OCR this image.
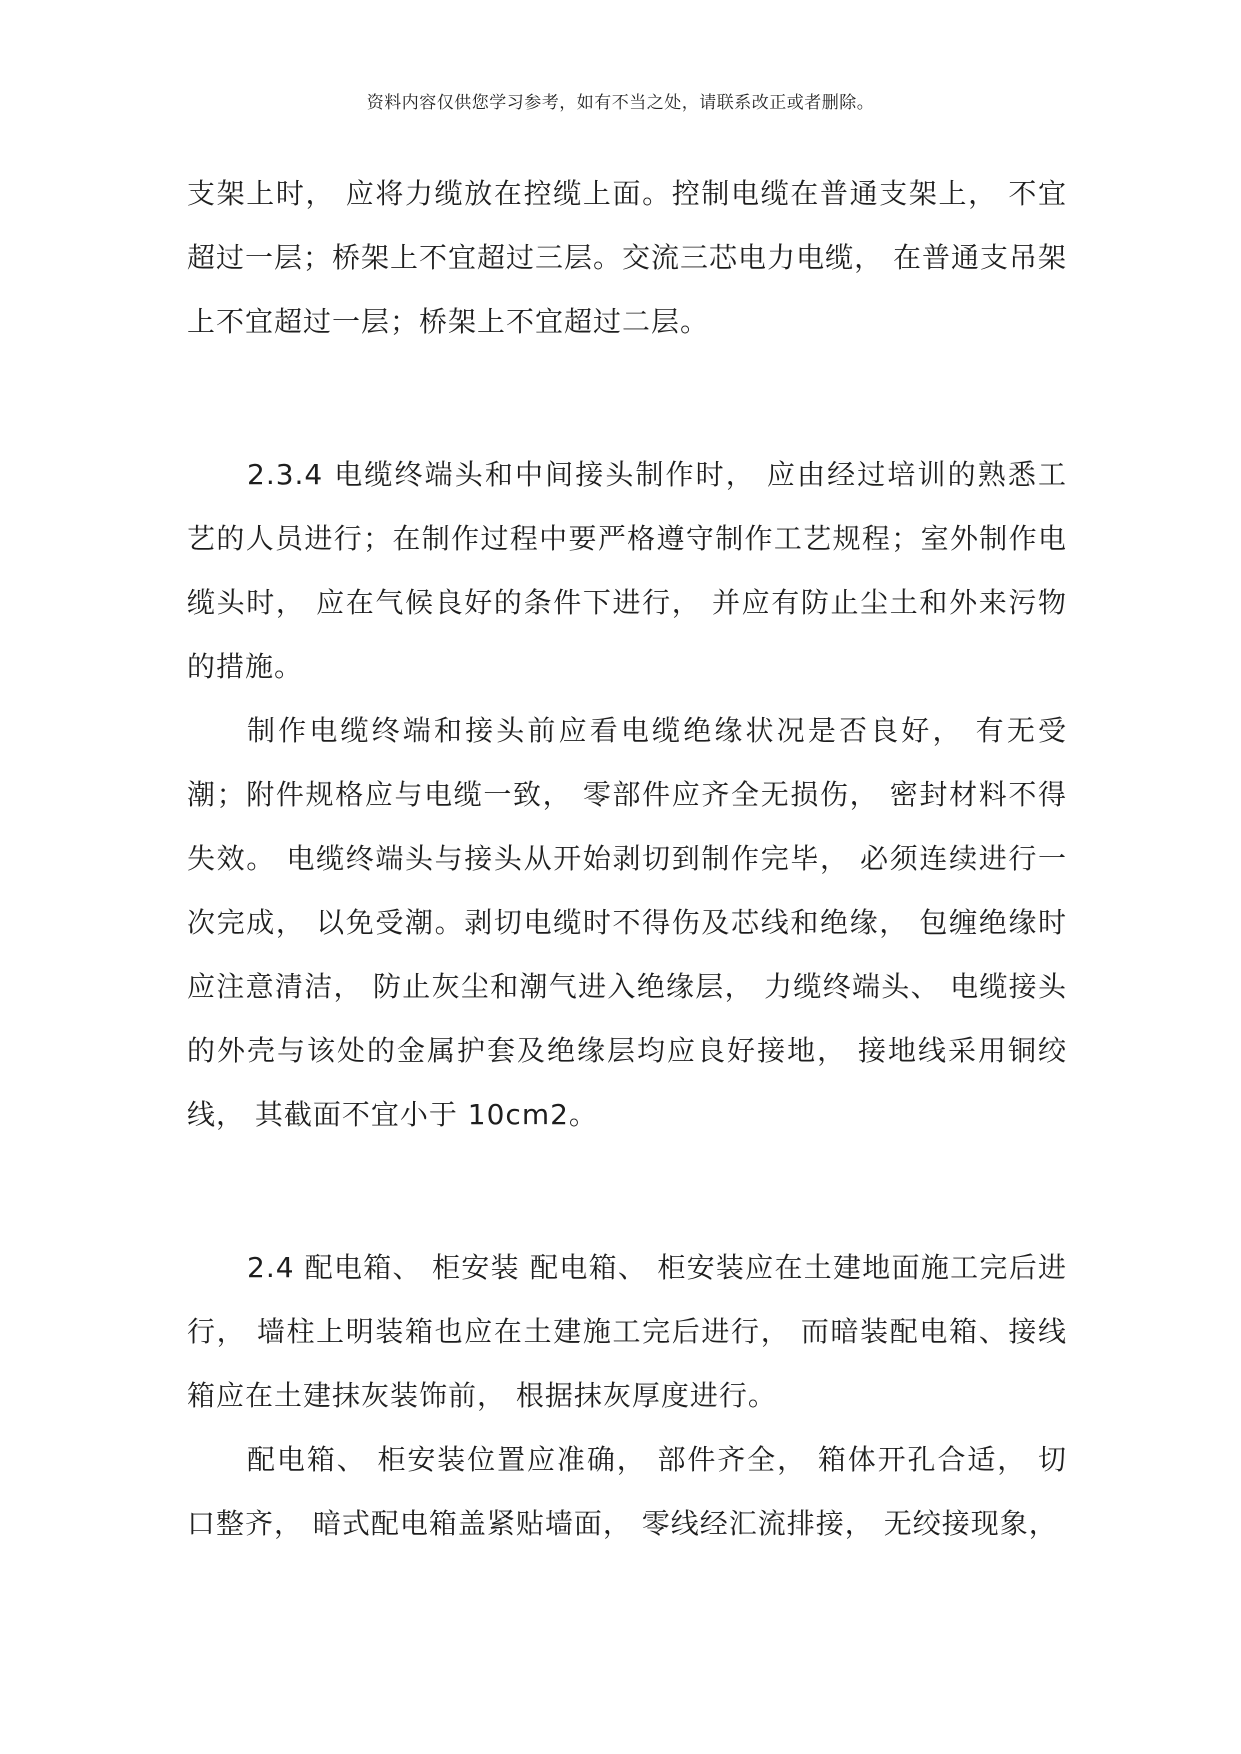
资料内容仅供您学习参考，如有不当之处，请联系改正或者删除。

支架上时， 应将力缆放在控缆上面。控制电缆在普通支架上， 不宜超过一层；桥架上不宜超过三层。交流三芯电力电缆， 在普通支吊架上不宜超过一层；桥架上不宜超过二层。

2.3.4 电缆终端头和中间接头制作时， 应由经过培训的熟悉工艺的人员进行；在制作过程中要严格遵守制作工艺规程；室外制作电缆头时， 应在气候良好的条件下进行， 并应有防止尘土和外来污物的措施。

制作电缆终端和接头前应看电缆绝缘状况是否良好， 有无受潮；附件规格应与电缆一致， 零部件应齐全无损伤， 密封材料不得失效。 电缆终端头与接头从开始剥切到制作完毕， 必须连续进行一次完成， 以免受潮。剥切电缆时不得伤及芯线和绝缘， 包缠绝缘时应注意清洁， 防止灰尘和潮气进入绝缘层， 力缆终端头、 电缆接头的外壳与该处的金属护套及绝缘层均应良好接地， 接地线采用铜绞线， 其截面不宜小于 10cm2。

2.4 配电箱、 柜安装 配电箱、 柜安装应在土建地面施工完后进行， 墙柱上明装箱也应在土建施工完后进行， 而暗装配电箱、接线箱应在土建抹灰装饰前， 根据抹灰厚度进行。

配电箱、 柜安装位置应准确， 部件齐全， 箱体开孔合适， 切口整齐， 暗式配电箱盖紧贴墙面， 零线经汇流排接， 无绞接现象，
